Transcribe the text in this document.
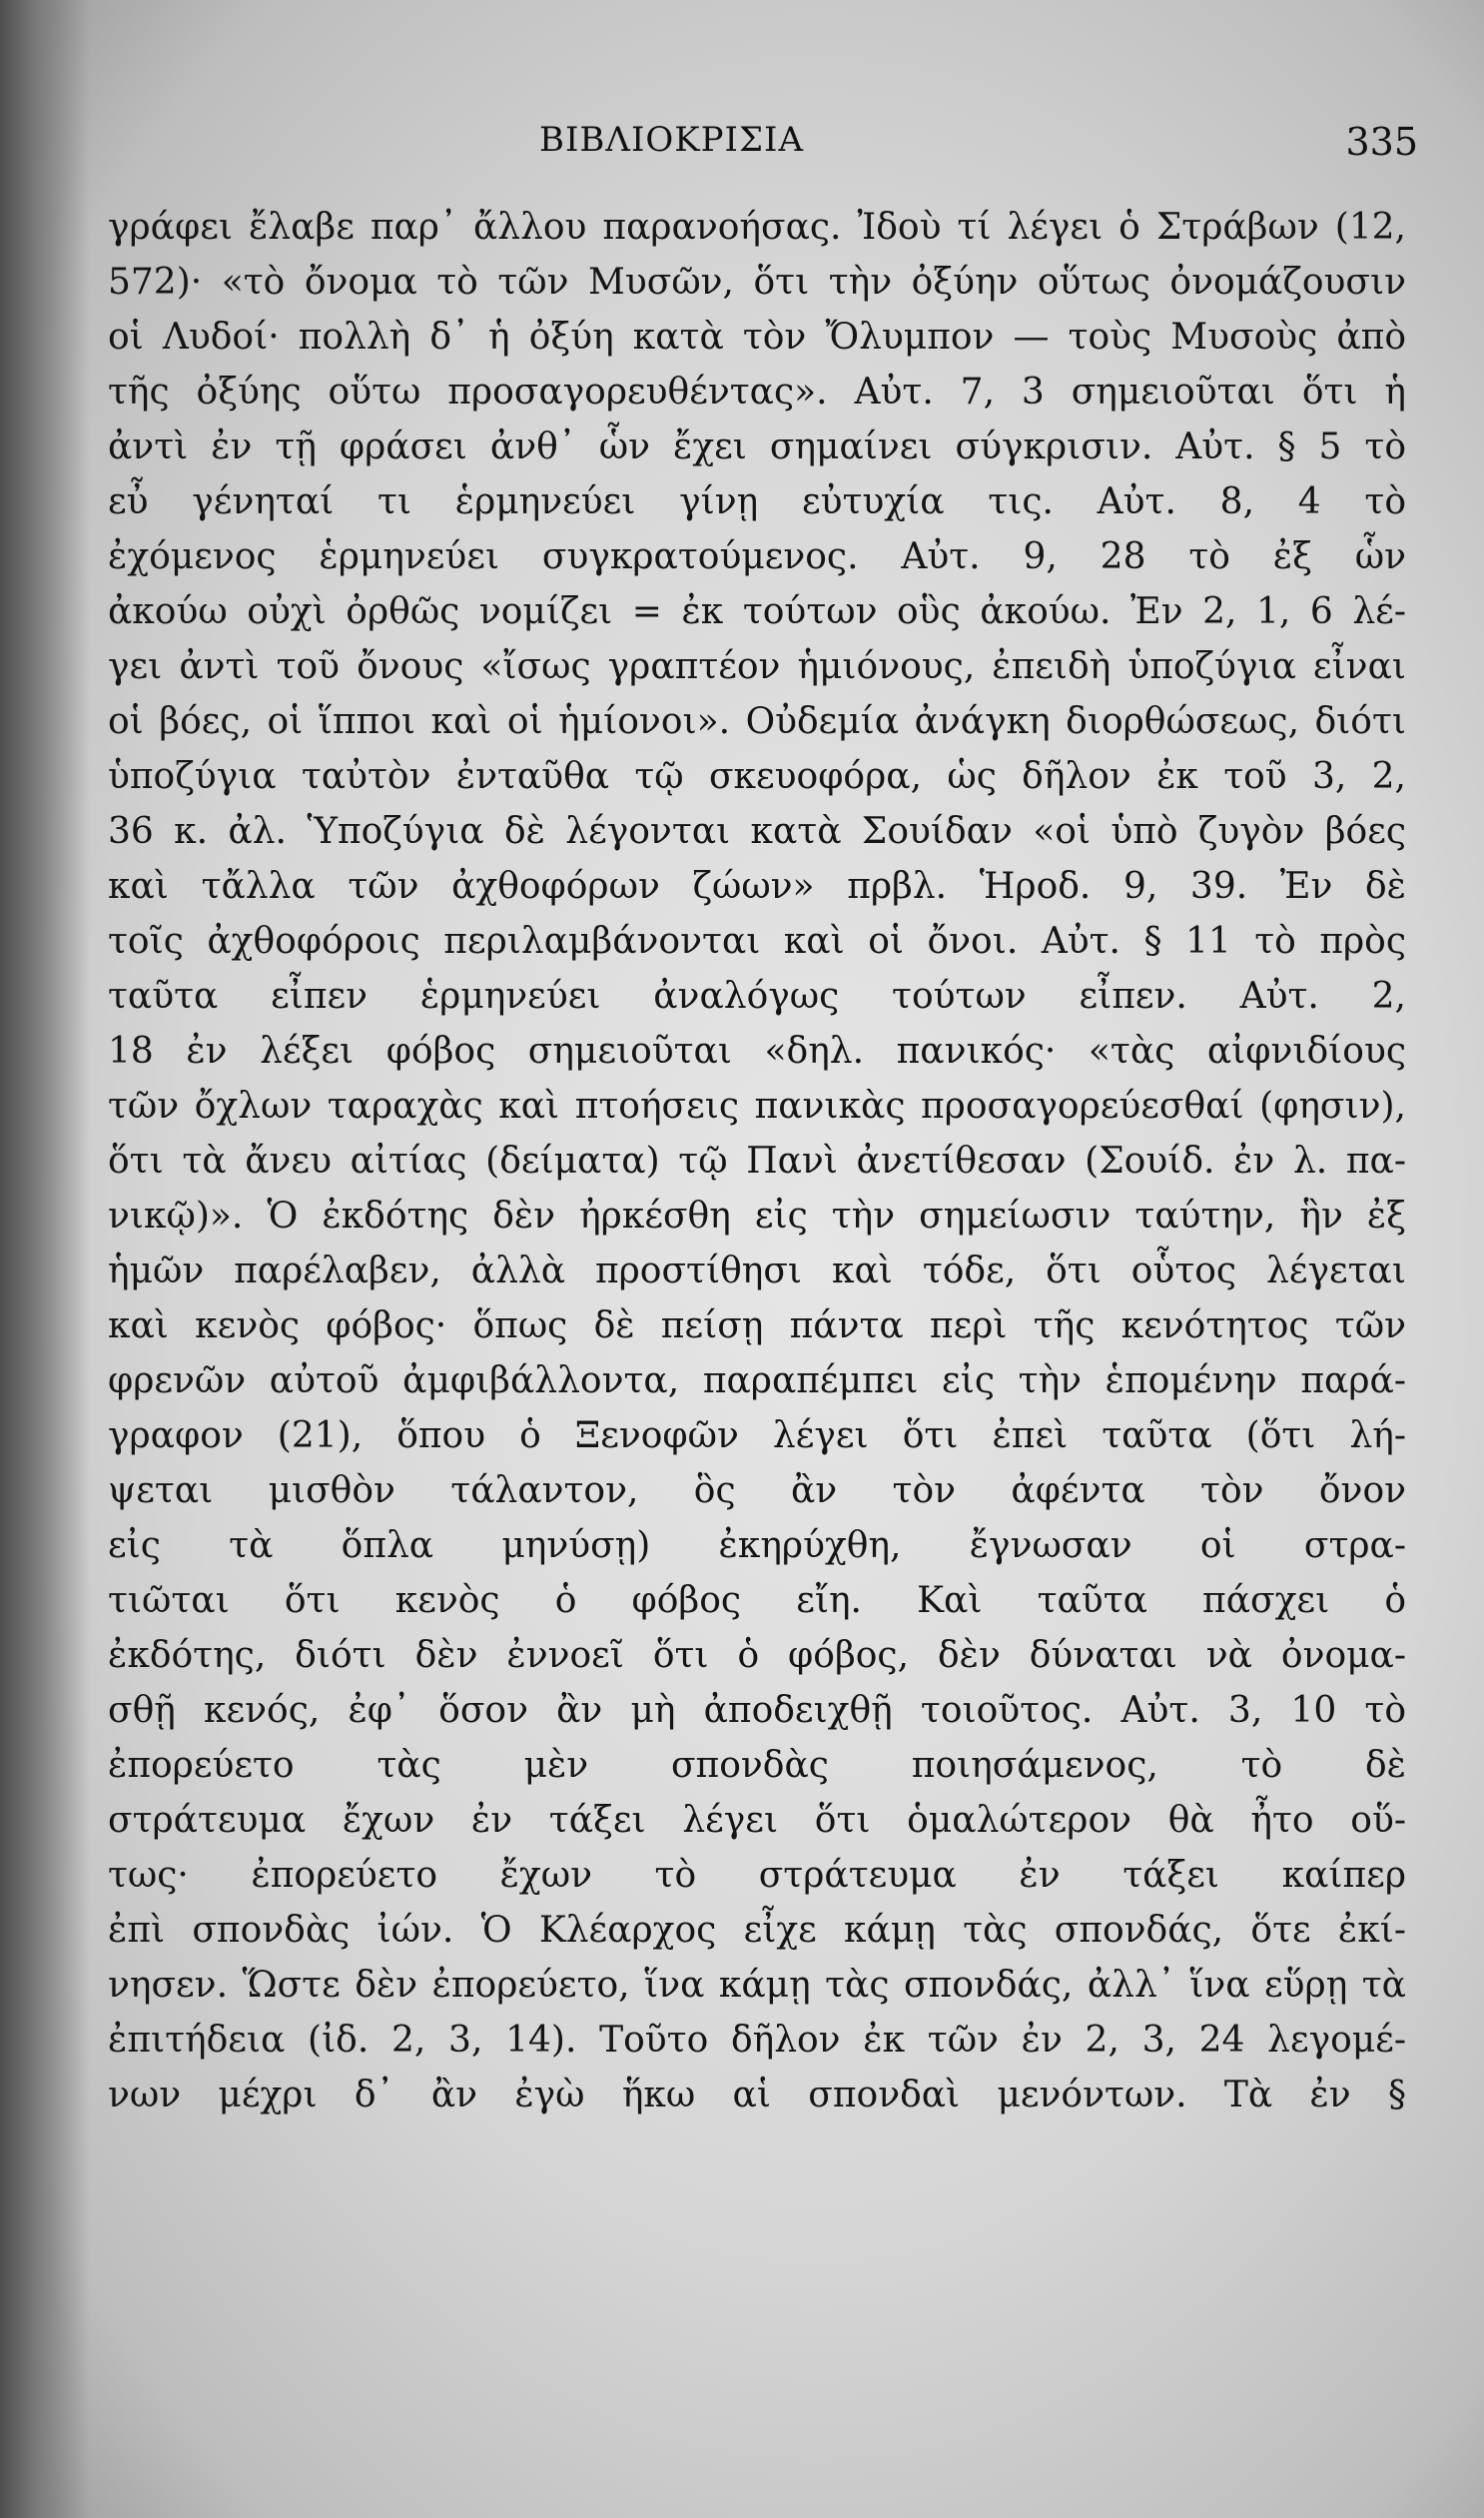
ΒΙΒΛΙΟΚΡΙΣΙΑ	335
γράφει ἔλαβε παρ᾽ ἄλλου παρανοήσας. Ἰδοὺ τί λέγει ὁ Στράβων (12,
572)· «τὸ ὄνομα τὸ τῶν Μυσῶν, ὅτι τὴν ὀξύην οὕτως ὀνομάζουσιν
οἱ Λυδοί· πολλὴ δ᾽ ἡ ὀξύη κατὰ τὸν Ὄλυμπον — τοὺς Μυσοὺς ἀπὸ
τῆς ὀξύης οὕτω προσαγορευθέντας». Αὐτ. 7, 3 σημειοῦται ὅτι ἡ
ἀντὶ ἐν τῇ φράσει ἀνθ᾽ ὧν ἔχει σημαίνει σύγκρισιν. Αὐτ. § 5 τὸ
εὖ γένηταί τι ἑρμηνεύει γίνῃ εὐτυχία τις. Αὐτ. 8, 4 τὸ
ἐχόμενος ἑρμηνεύει συγκρατούμενος. Αὐτ. 9, 28 τὸ ἐξ ὧν
ἀκούω οὐχὶ ὀρθῶς νομίζει = ἐκ τούτων οὓς ἀκούω. Ἐν 2, 1, 6 λέ-
γει ἀντὶ τοῦ ὄνους «ἴσως γραπτέον ἡμιόνους, ἐπειδὴ ὑποζύγια εἶναι
οἱ βόες, οἱ ἵπποι καὶ οἱ ἡμίονοι». Οὐδεμία ἀνάγκη διορθώσεως, διότι
ὑποζύγια ταὐτὸν ἐνταῦθα τῷ σκευοφόρα, ὡς δῆλον ἐκ τοῦ 3, 2,
36 κ. ἀλ. Ὑποζύγια δὲ λέγονται κατὰ Σουίδαν «οἱ ὑπὸ ζυγὸν βόες
καὶ τἄλλα τῶν ἀχθοφόρων ζώων» πρβλ. Ἡροδ. 9, 39. Ἐν δὲ
τοῖς ἀχθοφόροις περιλαμβάνονται καὶ οἱ ὄνοι. Αὐτ. § 11 τὸ πρὸς
ταῦτα εἶπεν ἑρμηνεύει ἀναλόγως τούτων εἶπεν. Αὐτ. 2,
18 ἐν λέξει φόβος σημειοῦται «δηλ. πανικός· «τὰς αἰφνιδίους
τῶν ὄχλων ταραχὰς καὶ πτοήσεις πανικὰς προσαγορεύεσθαί (φησιν),
ὅτι τὰ ἄνευ αἰτίας (δείματα) τῷ Πανὶ ἀνετίθεσαν (Σουίδ. ἐν λ. πα-
νικῷ)». Ὁ ἐκδότης δὲν ἠρκέσθη εἰς τὴν σημείωσιν ταύτην, ἣν ἐξ
ἡμῶν παρέλαβεν, ἀλλὰ προστίθησι καὶ τόδε, ὅτι οὗτος λέγεται
καὶ κενὸς φόβος· ὅπως δὲ πείσῃ πάντα περὶ τῆς κενότητος τῶν
φρενῶν αὐτοῦ ἀμφιβάλλοντα, παραπέμπει εἰς τὴν ἑπομένην παρά-
γραφον (21), ὅπου ὁ Ξενοφῶν λέγει ὅτι ἐπεὶ ταῦτα (ὅτι λή-
ψεται μισθὸν τάλαντον, ὃς ἂν τὸν ἀφέντα τὸν ὄνον
εἰς τὰ ὅπλα μηνύσῃ) ἐκηρύχθη, ἔγνωσαν οἱ στρα-
τιῶται ὅτι κενὸς ὁ φόβος εἴη. Καὶ ταῦτα πάσχει ὁ
ἐκδότης, διότι δὲν ἐννοεῖ ὅτι ὁ φόβος, δὲν δύναται νὰ ὀνομα-
σθῇ κενός, ἐφ᾽ ὅσον ἂν μὴ ἀποδειχθῇ τοιοῦτος. Αὐτ. 3, 10 τὸ
ἐπορεύετο τὰς μὲν σπονδὰς ποιησάμενος, τὸ δὲ
στράτευμα ἔχων ἐν τάξει λέγει ὅτι ὁμαλώτερον θὰ ἦτο οὕ-
τως· ἐπορεύετο ἔχων τὸ στράτευμα ἐν τάξει καίπερ
ἐπὶ σπονδὰς ἰών. Ὁ Κλέαρχος εἶχε κάμῃ τὰς σπονδάς, ὅτε ἐκί-
νησεν. Ὥστε δὲν ἐπορεύετο, ἵνα κάμῃ τὰς σπονδάς, ἀλλ᾽ ἵνα εὕρῃ τὰ
ἐπιτήδεια (ἰδ. 2, 3, 14). Τοῦτο δῆλον ἐκ τῶν ἐν 2, 3, 24 λεγομέ-
νων μέχρι δ᾽ ἂν ἐγὼ ἥκω αἱ σπονδαὶ μενόντων. Τὰ ἐν §
